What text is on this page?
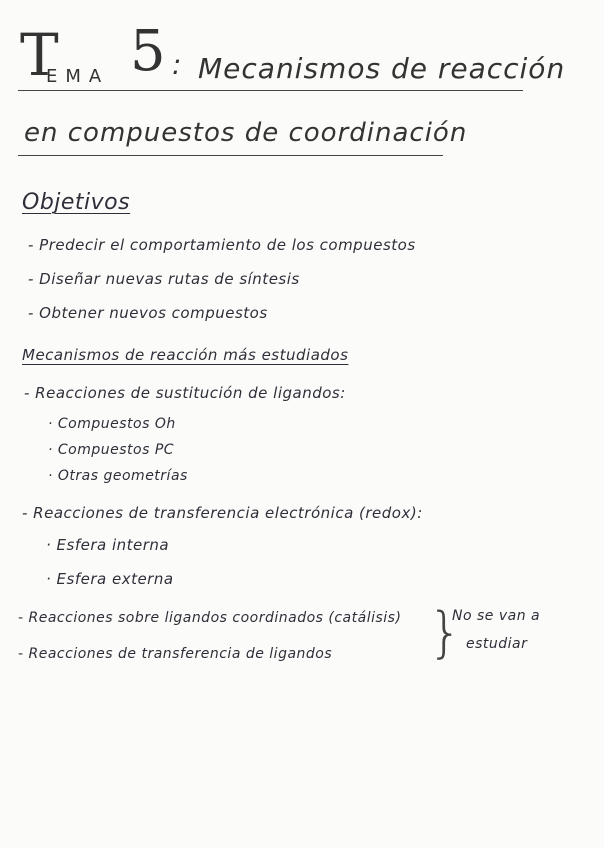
T
EMA 5 : Mecanismos de reacción
en compuestos de coordinación
Objetivos
- Predecir el comportamiento de los compuestos
- Diseñar nuevas rutas de síntesis
- Obtener nuevos compuestos
Mecanismos de reacción más estudiados
- Reacciones de sustitución de ligandos:
· Compuestos Oh
· Compuestos PC
· Otras geometrías
- Reacciones de transferencia electrónica (redox):
· Esfera interna
· Esfera externa
- Reacciones sobre ligandos coordinados (catálisis)
- Reacciones de transferencia de ligandos }
No se van a
estudiar
